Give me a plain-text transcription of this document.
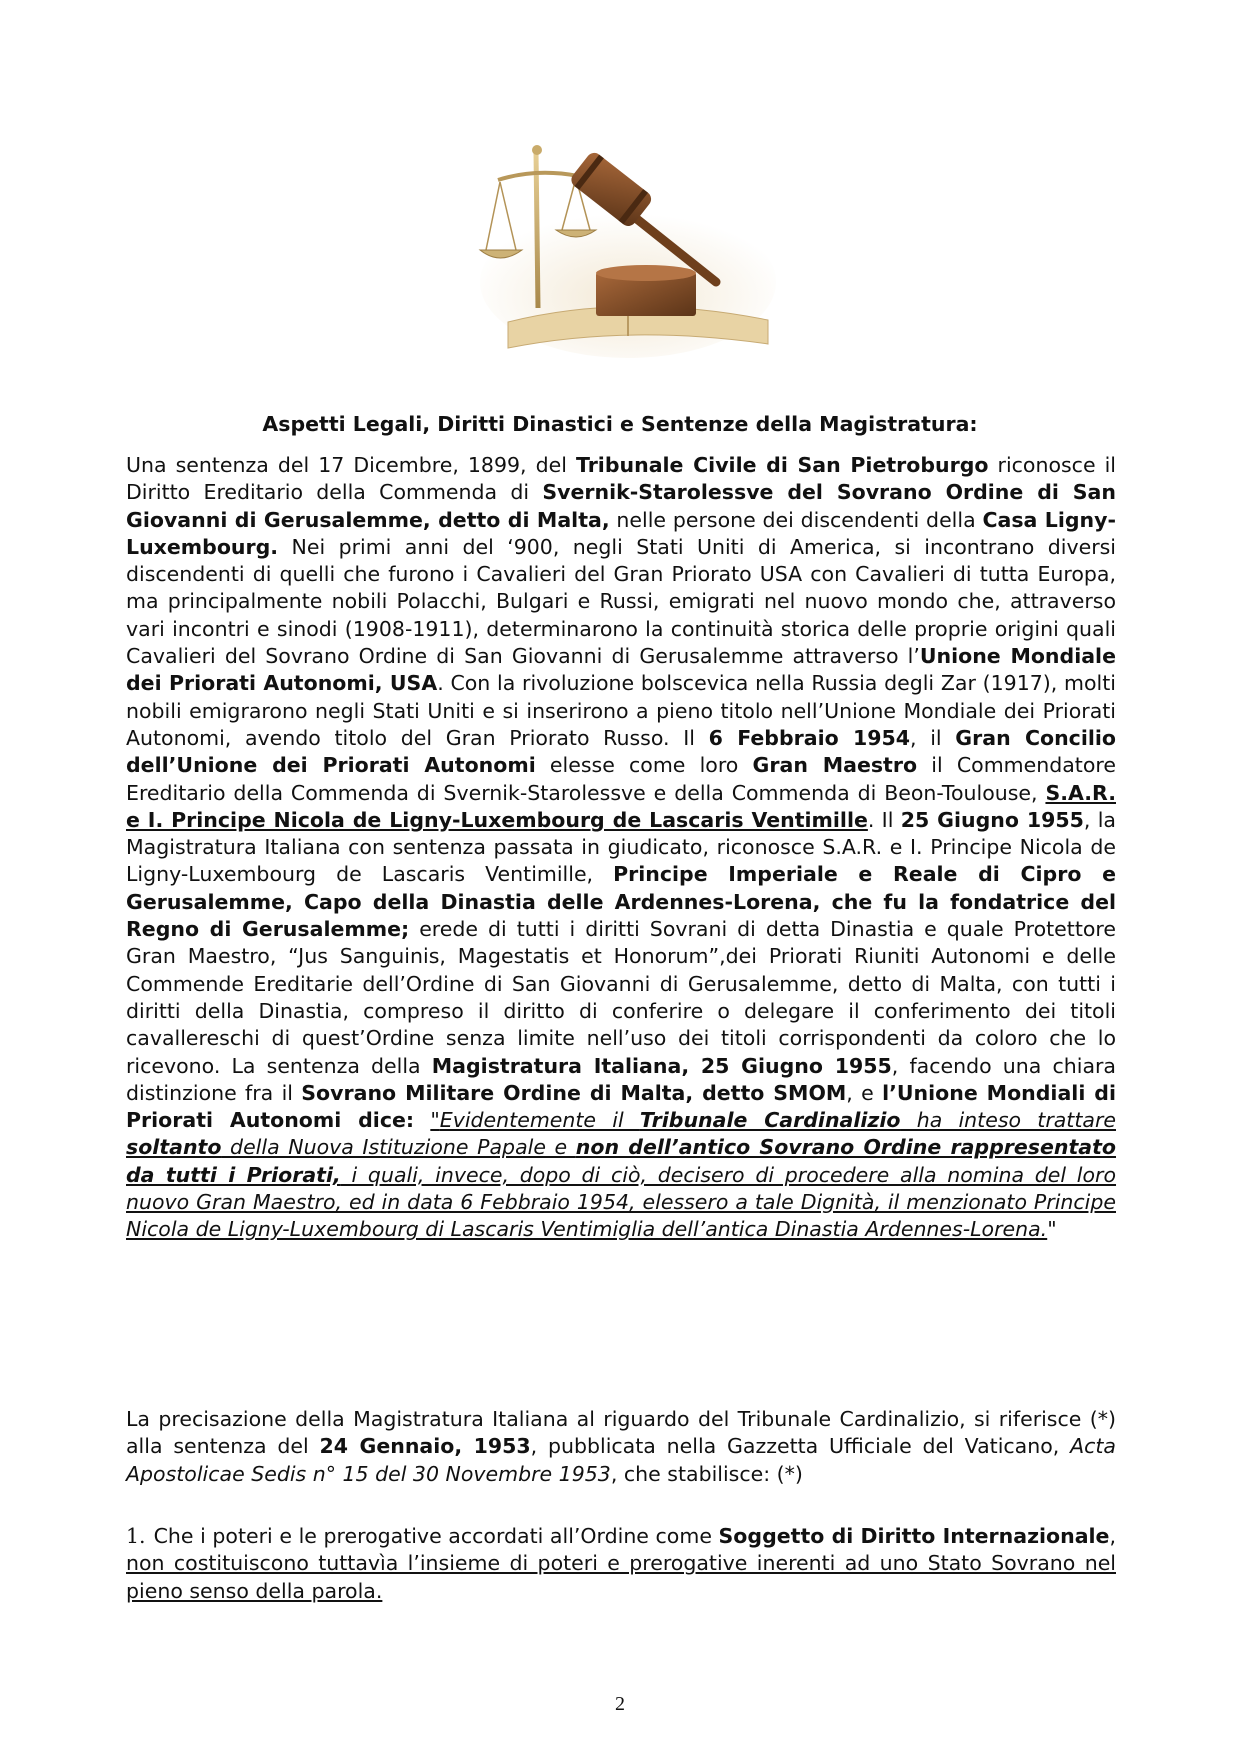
Aspetti Legali, Diritti Dinastici e Sentenze della Magistratura:

Una sentenza del 17 Dicembre, 1899, del Tribunale Civile di San Pietroburgo riconosce il Diritto Ereditario della Commenda di Svernik-Starolessve del Sovrano Ordine di San Giovanni di Gerusalemme, detto di Malta, nelle persone dei discendenti della Casa Ligny-Luxembourg. Nei primi anni del ‘900, negli Stati Uniti di America, si incontrano diversi discendenti di quelli che furono i Cavalieri del Gran Priorato USA con Cavalieri di tutta Europa, ma principalmente nobili Polacchi, Bulgari e Russi, emigrati nel nuovo mondo che, attraverso vari incontri e sinodi (1908-1911), determinarono la continuità storica delle proprie origini quali Cavalieri del Sovrano Ordine di San Giovanni di Gerusalemme attraverso l’Unione Mondiale dei Priorati Autonomi, USA. Con la rivoluzione bolscevica nella Russia degli Zar (1917), molti nobili emigrarono negli Stati Uniti e si inserirono a pieno titolo nell’Unione Mondiale dei Priorati Autonomi, avendo titolo del Gran Priorato Russo. Il 6 Febbraio 1954, il Gran Concilio dell’Unione dei Priorati Autonomi elesse come loro Gran Maestro il Commendatore Ereditario della Commenda di Svernik-Starolessve e della Commenda di Beon-Toulouse, S.A.R. e I. Principe Nicola de Ligny-Luxembourg de Lascaris Ventimille. Il 25 Giugno 1955, la Magistratura Italiana con sentenza passata in giudicato, riconosce S.A.R. e I. Principe Nicola de Ligny-Luxembourg de Lascaris Ventimille, Principe Imperiale e Reale di Cipro e Gerusalemme, Capo della Dinastia delle Ardennes-Lorena, che fu la fondatrice del Regno di Gerusalemme; erede di tutti i diritti Sovrani di detta Dinastia e quale Protettore Gran Maestro, “Jus Sanguinis, Magestatis et Honorum”,dei Priorati Riuniti Autonomi e delle Commende Ereditarie dell’Ordine di San Giovanni di Gerusalemme, detto di Malta, con tutti i diritti della Dinastia, compreso il diritto di conferire o delegare il conferimento dei titoli cavallereschi di quest’Ordine senza limite nell’uso dei titoli corrispondenti da coloro che lo ricevono. La sentenza della Magistratura Italiana, 25 Giugno 1955, facendo una chiara distinzione fra il Sovrano Militare Ordine di Malta, detto SMOM, e l’Unione Mondiali di Priorati Autonomi dice: "Evidentemente il Tribunale Cardinalizio ha inteso trattare soltanto della Nuova Istituzione Papale e non dell’antico Sovrano Ordine rappresentato da tutti i Priorati, i quali, invece, dopo di ciò, decisero di procedere alla nomina del loro nuovo Gran Maestro, ed in data 6 Febbraio 1954, elessero a tale Dignità, il menzionato Principe Nicola de Ligny-Luxembourg di Lascaris Ventimiglia dell’antica Dinastia Ardennes-Lorena."

La precisazione della Magistratura Italiana al riguardo del Tribunale Cardinalizio, si riferisce (*) alla sentenza del 24 Gennaio, 1953, pubblicata nella Gazzetta Ufficiale del Vaticano, Acta Apostolicae Sedis n° 15 del 30 Novembre 1953, che stabilisce: (*)

1. Che i poteri e le prerogative accordati all’Ordine come Soggetto di Diritto Internazionale, non costituiscono tuttavìa l’insieme di poteri e prerogative inerenti ad uno Stato Sovrano nel pieno senso della parola.

2
